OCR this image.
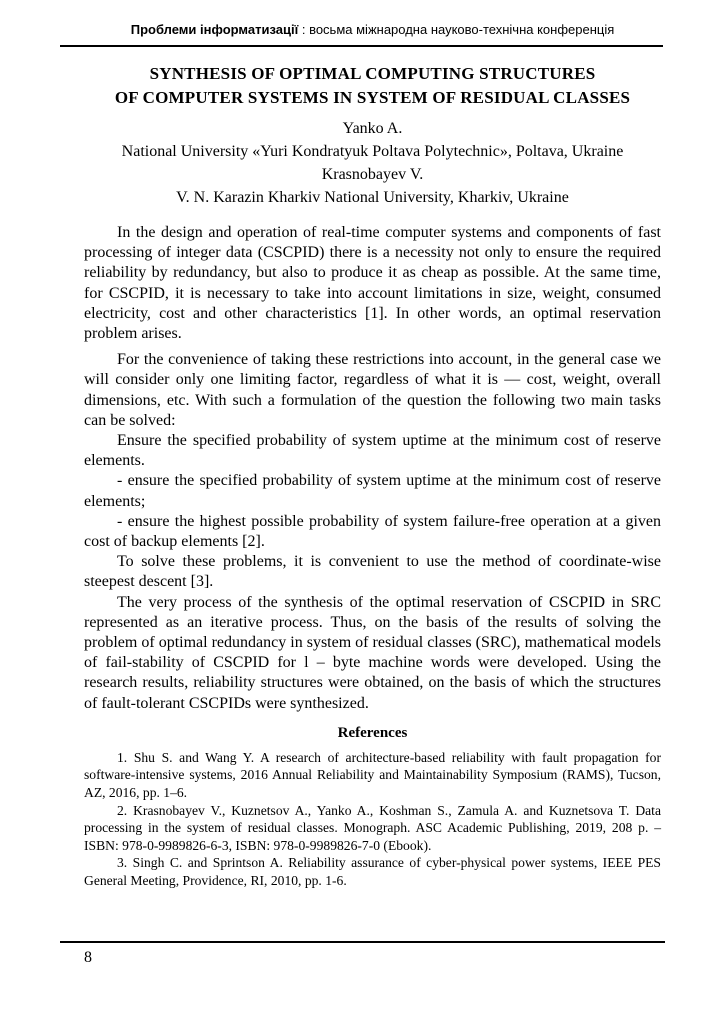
Проблеми інформатизації : восьма міжнародна науково-технічна конференція
SYNTHESIS OF OPTIMAL COMPUTING STRUCTURES
OF COMPUTER SYSTEMS IN SYSTEM OF RESIDUAL CLASSES
Yanko A.
National University «Yuri Kondratyuk Poltava Polytechnic», Poltava, Ukraine
Krasnobayev V.
V. N. Karazin Kharkiv National University, Kharkiv, Ukraine

In the design and operation of real-time computer systems and components of fast processing of integer data (CSCPID) there is a necessity not only to ensure the required reliability by redundancy, but also to produce it as cheap as possible. At the same time, for CSCPID, it is necessary to take into account limitations in size, weight, consumed electricity, cost and other characteristics [1]. In other words, an optimal reservation problem arises.

For the convenience of taking these restrictions into account, in the general case we will consider only one limiting factor, regardless of what it is — cost, weight, overall dimensions, etc. With such a formulation of the question the following two main tasks can be solved:

Ensure the specified probability of system uptime at the minimum cost of reserve elements.

- ensure the specified probability of system uptime at the minimum cost of reserve elements;

- ensure the highest possible probability of system failure-free operation at a given cost of backup elements [2].

To solve these problems, it is convenient to use the method of coordinate-wise steepest descent [3].

The very process of the synthesis of the optimal reservation of CSCPID in SRC represented as an iterative process. Thus, on the basis of the results of solving the problem of optimal redundancy in system of residual classes (SRC), mathematical models of fail-stability of CSCPID for l – byte machine words were developed. Using the research results, reliability structures were obtained, on the basis of which the structures of fault-tolerant CSCPIDs were synthesized.

References

1. Shu S. and Wang Y. A research of architecture-based reliability with fault propagation for software-intensive systems, 2016 Annual Reliability and Maintainability Symposium (RAMS), Tucson, AZ, 2016, pp. 1–6.

2. Krasnobayev V., Kuznetsov A., Yanko A., Koshman S., Zamula A. and Kuznetsova T. Data processing in the system of residual classes. Monograph. ASC Academic Publishing, 2019, 208 p. – ISBN: 978-0-9989826-6-3, ISBN: 978-0-9989826-7-0 (Ebook).

3. Singh C. and Sprintson A. Reliability assurance of cyber-physical power systems, IEEE PES General Meeting, Providence, RI, 2010, pp. 1-6.

8
